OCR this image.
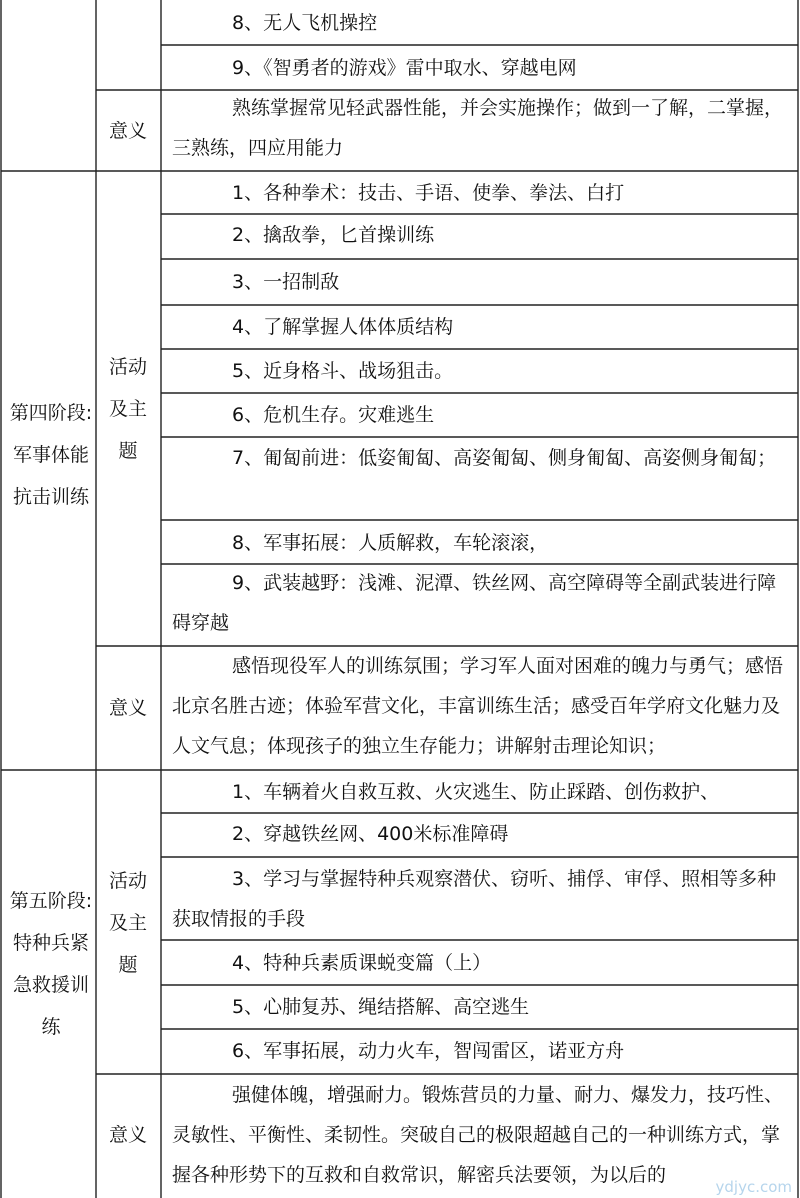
8、无人飞机操控
9、《智勇者的游戏》雷中取水、穿越电网
意义
熟练掌握常见轻武器性能，并会实施操作；做到一了解，二掌握，三熟练，四应用能力
第四阶段:军事体能抗击训练
活动及主题
1、各种拳术：技击、手语、使拳、拳法、白打
2、擒敌拳，匕首操训练
3、一招制敌
4、了解掌握人体体质结构
5、近身格斗、战场狙击。
6、危机生存。灾难逃生
7、匍匐前进：低姿匍匐、高姿匍匐、侧身匍匐、高姿侧身匍匐；
8、军事拓展：人质解救，车轮滚滚，
9、武装越野：浅滩、泥潭、铁丝网、高空障碍等全副武装进行障碍穿越
意义
感悟现役军人的训练氛围；学习军人面对困难的魄力与勇气；感悟北京名胜古迹；体验军营文化，丰富训练生活；感受百年学府文化魅力及人文气息；体现孩子的独立生存能力；讲解射击理论知识；
第五阶段:特种兵紧急救援训练
活动及主题
1、车辆着火自救互救、火灾逃生、防止踩踏、创伤救护、
2、穿越铁丝网、400米标准障碍
3、学习与掌握特种兵观察潜伏、窃听、捕俘、审俘、照相等多种获取情报的手段
4、特种兵素质课蜕变篇（上）
5、心肺复苏、绳结搭解、高空逃生
6、军事拓展，动力火车，智闯雷区，诺亚方舟
意义
强健体魄，增强耐力。锻炼营员的力量、耐力、爆发力，技巧性、灵敏性、平衡性、柔韧性。突破自己的极限超越自己的一种训练方式，掌握各种形势下的互救和自救常识，解密兵法要领，为以后的
ydjyc.com
